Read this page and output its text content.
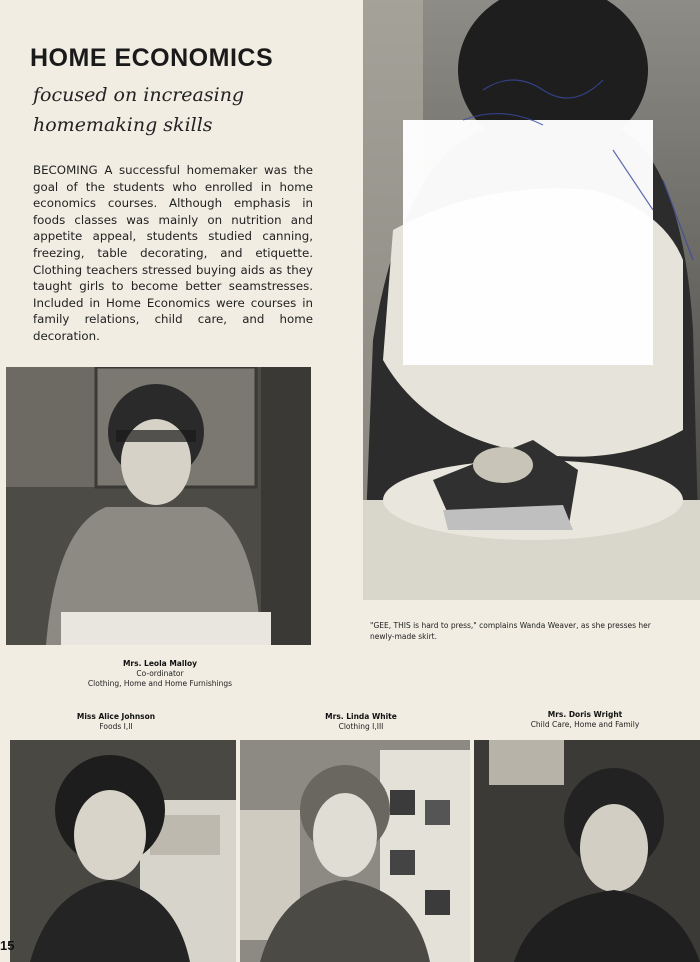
HOME ECONOMICS
focused on increasing
homemaking skills

BECOMING A successful homemaker was the goal of the students who enrolled in home economics courses. Although emphasis in foods classes was mainly on nutrition and appetite appeal, students studied canning, freezing, table decorating, and etiquette. Clothing teachers stressed buying aids as they taught girls to become better seamstresses. Included in Home Economics were courses in family relations, child care, and home decoration.

"GEE, THIS is hard to press," complains Wanda Weaver, as she presses her newly-made skirt.

Mrs. Leola Malloy
Co-ordinator
Clothing, Home and Home Furnishings
Miss Alice Johnson
Foods I,II
Mrs. Linda White
Clothing I,III
Mrs. Doris Wright
Child Care, Home and Family
15
